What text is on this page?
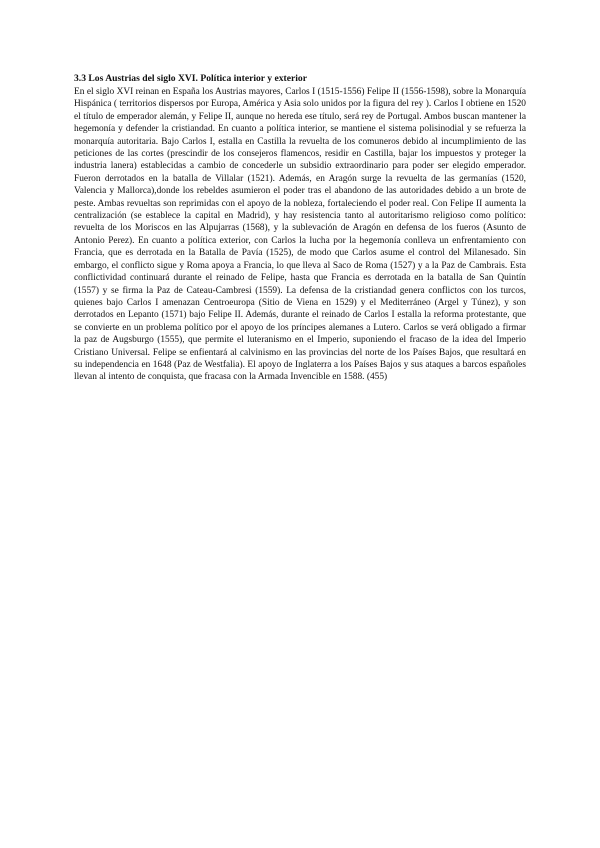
3.3 Los Austrias del siglo XVI. Política interior y exterior

En el siglo XVI reinan en España los Austrias mayores, Carlos I (1515-1556) Felipe II (1556-1598), sobre la Monarquía Hispánica ( territorios dispersos por Europa, América y Asia solo unidos por la figura del rey ). Carlos I obtiene en 1520 el título de emperador alemán, y Felipe II, aunque no hereda ese título, será rey de Portugal. Ambos buscan mantener la hegemonía y defender la cristiandad. En cuanto a política interior, se mantiene el sistema polisinodial y se refuerza la monarquía autoritaria. Bajo Carlos I, estalla en Castilla la revuelta de los comuneros debido al incumplimiento de las peticiones de las cortes (prescindir de los consejeros flamencos, residir en Castilla, bajar los impuestos y proteger la industria lanera) establecidas a cambio de concederle un subsidio extraordinario para poder ser elegido emperador. Fueron derrotados en la batalla de Villalar (1521). Además, en Aragón surge la revuelta de las germanías (1520, Valencia y Mallorca),donde los rebeldes asumieron el poder tras el abandono de las autoridades debido a un brote de peste. Ambas revueltas son reprimidas con el apoyo de la nobleza, fortaleciendo el poder real. Con Felipe II aumenta la centralización (se establece la capital en Madrid), y hay resistencia tanto al autoritarismo religioso como político: revuelta de los Moriscos en las Alpujarras (1568), y la sublevación de Aragón en defensa de los fueros (Asunto de Antonio Perez). En cuanto a política exterior, con Carlos la lucha por la hegemonía conlleva un enfrentamiento con Francia, que es derrotada en la Batalla de Pavía (1525), de modo que Carlos asume el control del Milanesado. Sin embargo, el conflicto sigue y Roma apoya a Francia, lo que lleva al Saco de Roma (1527) y a la Paz de Cambrais. Esta conflictividad continuará durante el reinado de Felipe, hasta que Francia es derrotada en la batalla de San Quintín (1557) y se firma la Paz de Cateau-Cambresi (1559). La defensa de la cristiandad genera conflictos con los turcos, quienes bajo Carlos I amenazan Centroeuropa (Sitio de Viena en 1529) y el Mediterráneo (Argel y Túnez), y son derrotados en Lepanto (1571) bajo Felipe II. Además, durante el reinado de Carlos I estalla la reforma protestante, que se convierte en un problema político por el apoyo de los príncipes alemanes a Lutero. Carlos se verá obligado a firmar la paz de Augsburgo (1555), que permite el luteranismo en el Imperio, suponiendo el fracaso de la idea del Imperio Cristiano Universal. Felipe se enfientará al calvinismo en las provincias del norte de los Países Bajos, que resultará en su independencia en 1648 (Paz de Westfalia). El apoyo de Inglaterra a los Países Bajos y sus ataques a barcos españoles llevan al intento de conquista, que fracasa con la Armada Invencible en 1588. (455)
